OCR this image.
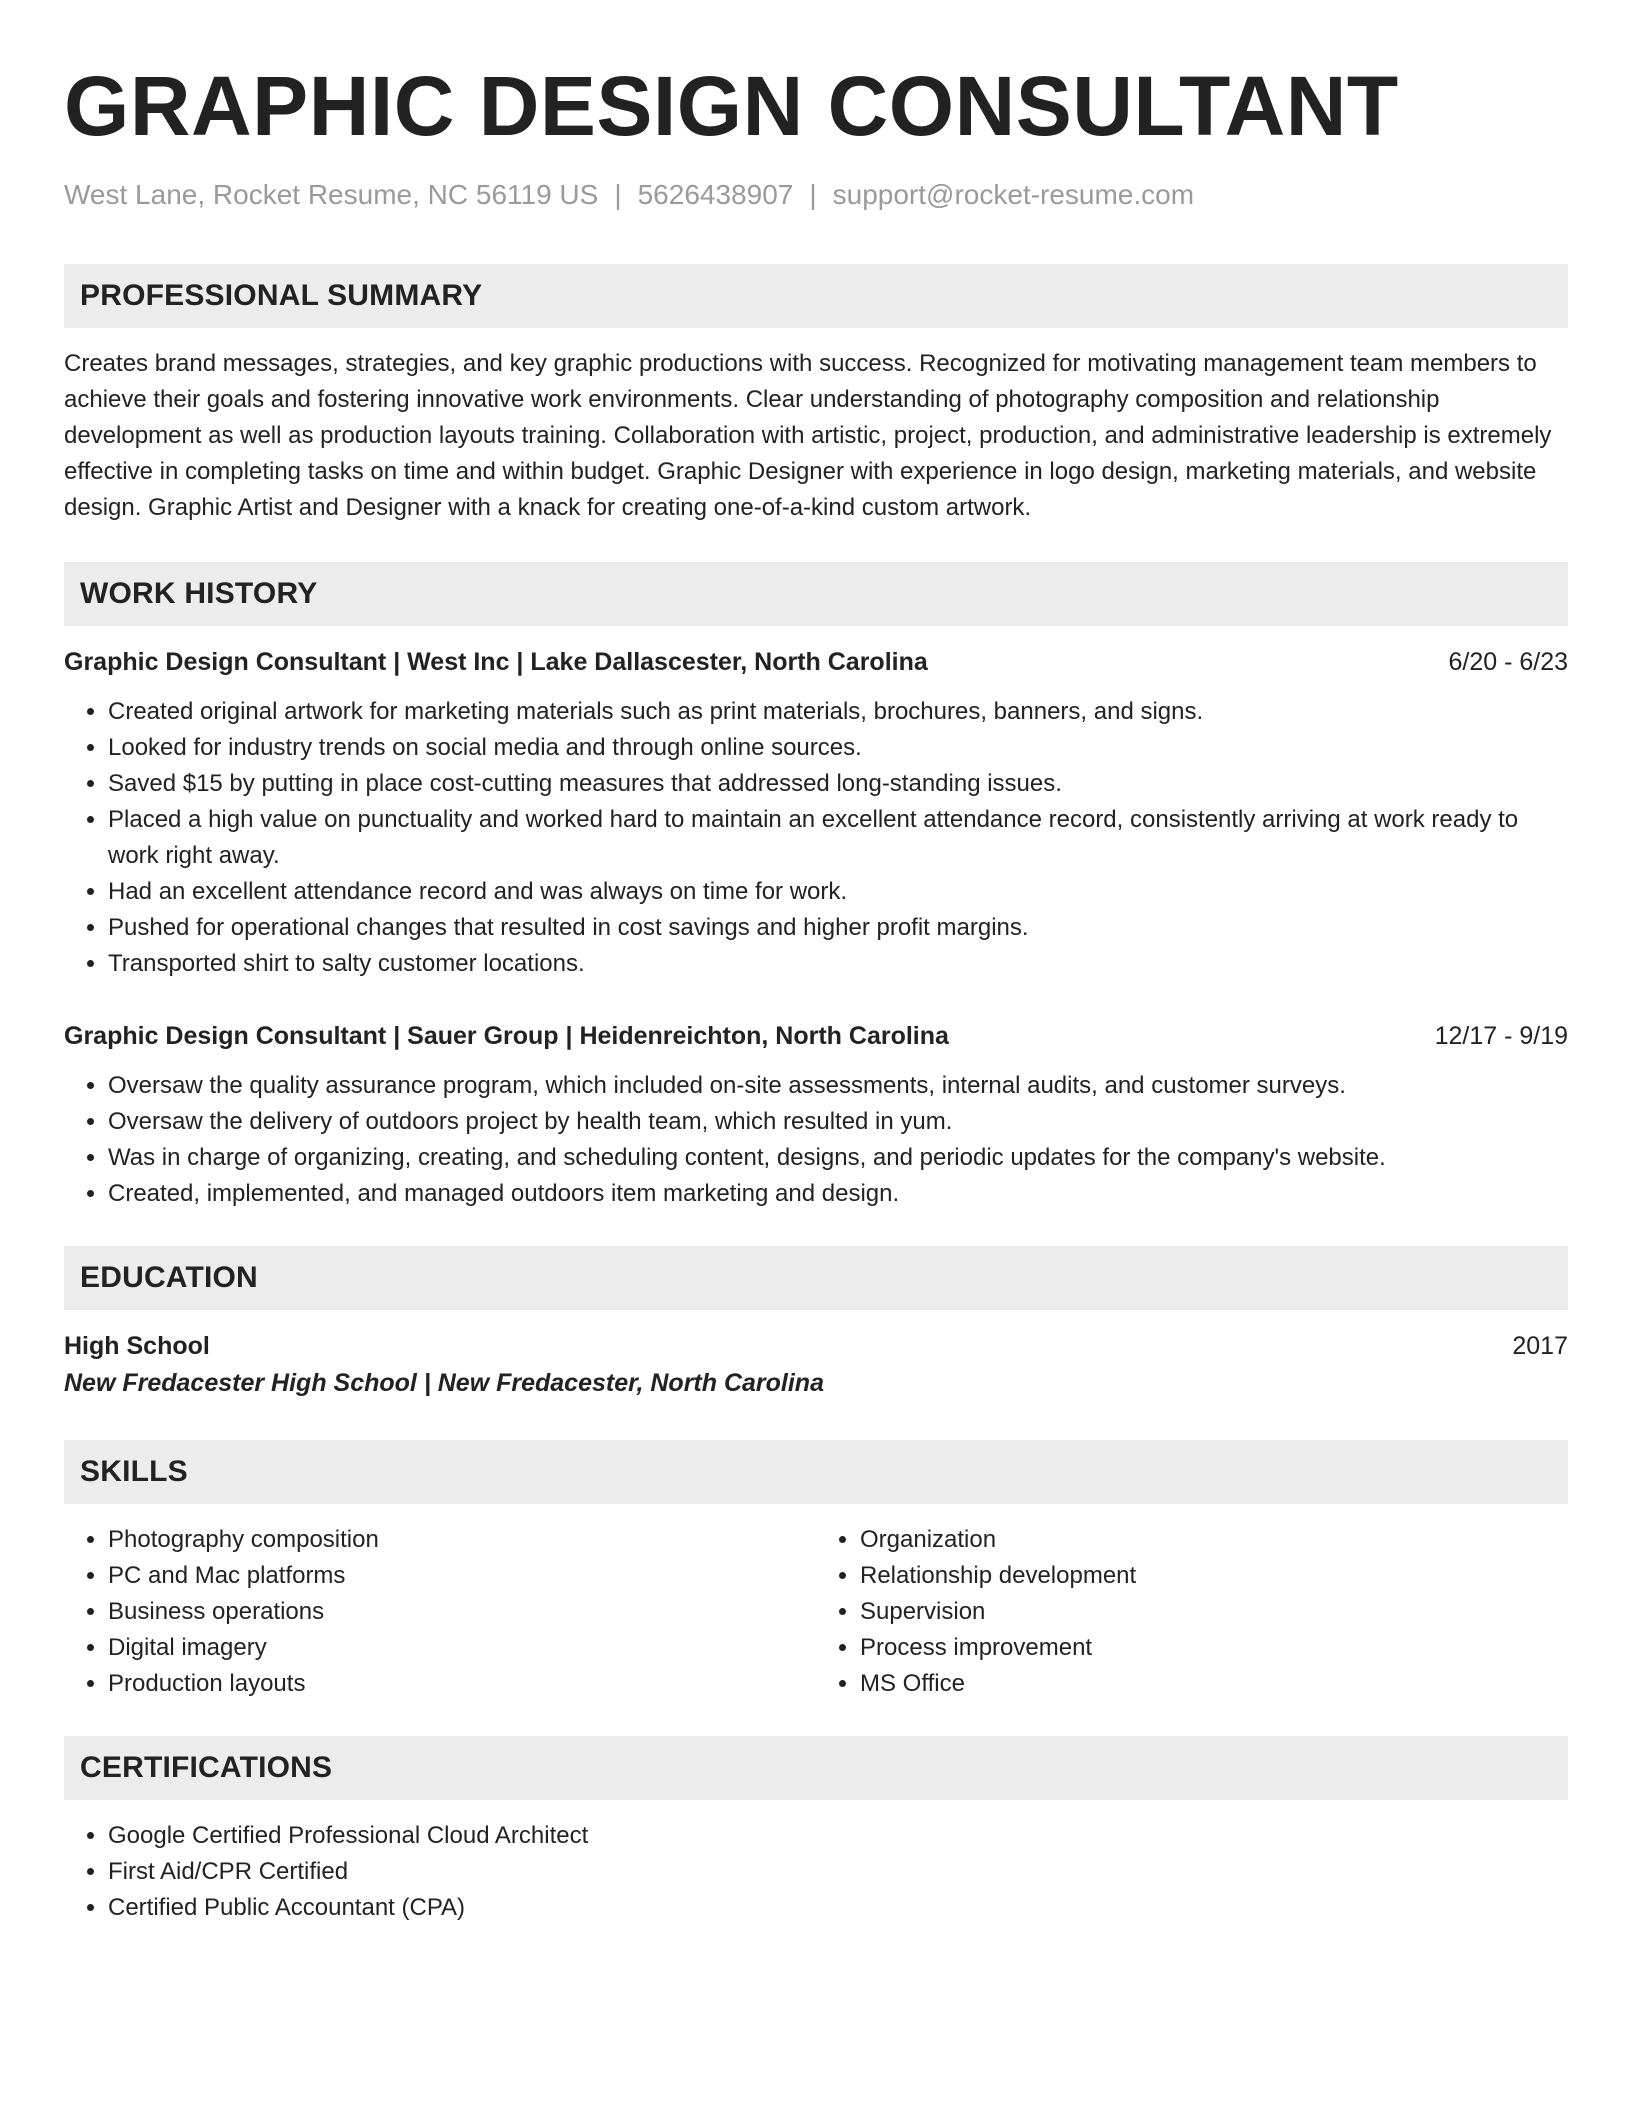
GRAPHIC DESIGN CONSULTANT
West Lane, Rocket Resume, NC 56119 US | 5626438907 | support@rocket-resume.com
PROFESSIONAL SUMMARY

Creates brand messages, strategies, and key graphic productions with success. Recognized for motivating management team members to achieve their goals and fostering innovative work environments. Clear understanding of photography composition and relationship development as well as production layouts training. Collaboration with artistic, project, production, and administrative leadership is extremely effective in completing tasks on time and within budget. Graphic Designer with experience in logo design, marketing materials, and website design. Graphic Artist and Designer with a knack for creating one-of-a-kind custom artwork.

WORK HISTORY
Graphic Design Consultant | West Inc | Lake Dallascester, North Carolina	6/20 - 6/23
• Created original artwork for marketing materials such as print materials, brochures, banners, and signs.
• Looked for industry trends on social media and through online sources.
• Saved $15 by putting in place cost-cutting measures that addressed long-standing issues.
• Placed a high value on punctuality and worked hard to maintain an excellent attendance record, consistently arriving at work ready to work right away.
• Had an excellent attendance record and was always on time for work.
• Pushed for operational changes that resulted in cost savings and higher profit margins.
• Transported shirt to salty customer locations.
Graphic Design Consultant | Sauer Group | Heidenreichton, North Carolina	12/17 - 9/19
• Oversaw the quality assurance program, which included on-site assessments, internal audits, and customer surveys.
• Oversaw the delivery of outdoors project by health team, which resulted in yum.
• Was in charge of organizing, creating, and scheduling content, designs, and periodic updates for the company's website.
• Created, implemented, and managed outdoors item marketing and design.
EDUCATION
High School	2017
New Fredacester High School | New Fredacester, North Carolina
SKILLS
• Photography composition
• PC and Mac platforms
• Business operations
• Digital imagery
• Production layouts
• Organization
• Relationship development
• Supervision
• Process improvement
• MS Office
CERTIFICATIONS
• Google Certified Professional Cloud Architect
• First Aid/CPR Certified
• Certified Public Accountant (CPA)
